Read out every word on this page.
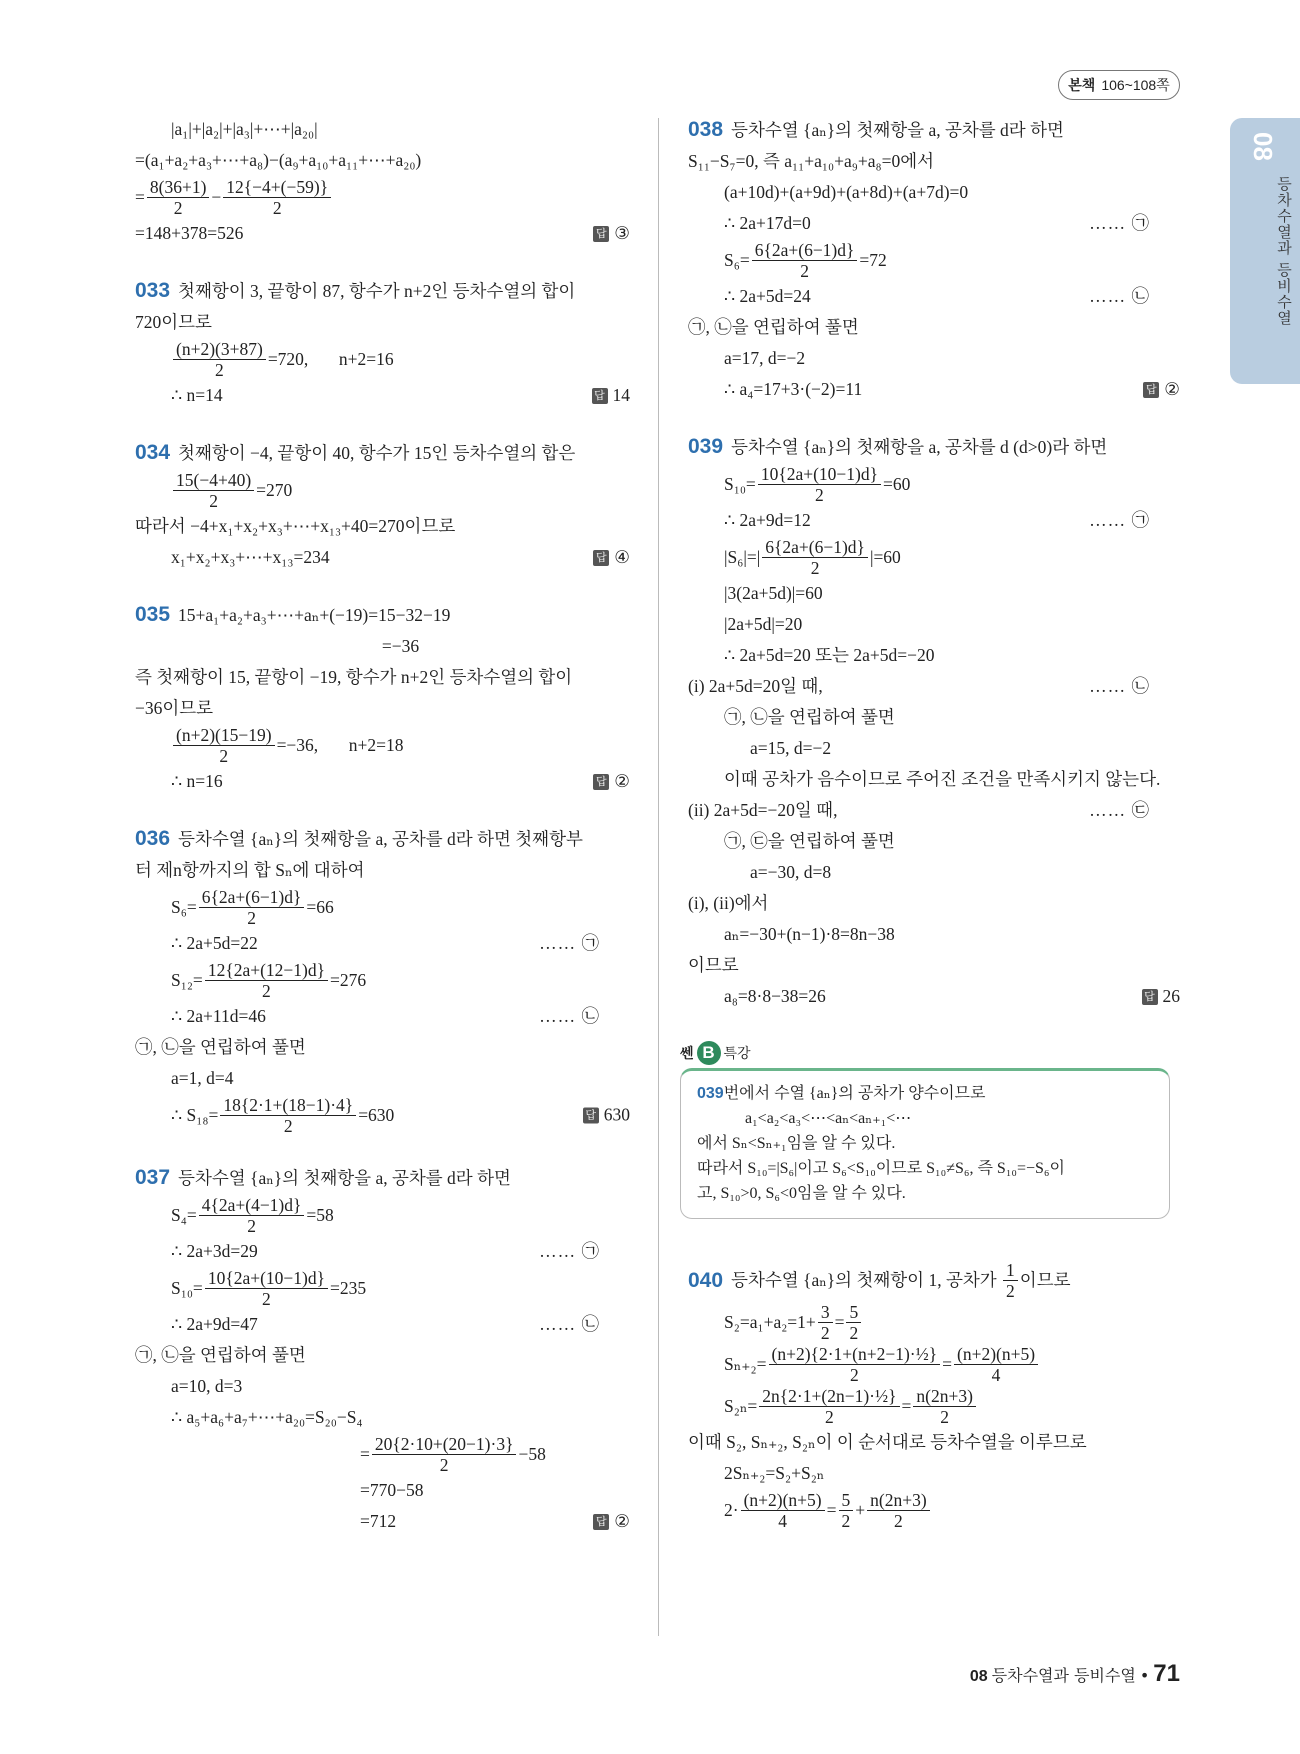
본책 106~108쪽
08
등차수열과 등비수열
|a₁|+|a₂|+|a₃|+⋯+|a₂₀|
=(a₁+a₂+a₃+⋯+a₈)−(a₉+a₁₀+a₁₁+⋯+a₂₀)
= $\frac{8(36+1)}{2} - \frac{12\{-4+(-59)\}}{2}$
=148+378=526	답 ③
033 첫째항이 3, 끝항이 87, 항수가 n+2인 등차수열의 합이
720이므로
$\frac{(n+2)(3+87)}{2} =720$,       n+2=16
∴ n=14	답 14
034 첫째항이 −4, 끝항이 40, 항수가 15인 등차수열의 합은
$\frac{15(-4+40)}{2} =270$
따라서 −4+x₁+x₂+x₃+⋯+x₁₃+40=270이므로
x₁+x₂+x₃+⋯+x₁₃=234	답 ④
035 15+a₁+a₂+a₃+⋯+aₙ+(−19)=15−32−19
=−36
즉 첫째항이 15, 끝항이 −19, 항수가 n+2인 등차수열의 합이
−36이므로
$\frac{(n+2)(15-19)}{2} =-36$,       n+2=18
∴ n=16	답 ②
036 등차수열 {aₙ}의 첫째항을 a, 공차를 d라 하면 첫째항부
터 제n항까지의 합 Sₙ에 대하여
$S_6= \frac{6\{2a+(6-1)d\}}{2} =66$
∴ 2a+5d=22	…… ㉠
$S_{12}= \frac{12\{2a+(12-1)d\}}{2} =276$
∴ 2a+11d=46	…… ㉡
㉠, ㉡을 연립하여 풀면
a=1, d=4
∴ $S_{18}= \frac{18\{2\cdot 1+(18-1)\cdot 4\}}{2} =630$	답 630
037 등차수열 {aₙ}의 첫째항을 a, 공차를 d라 하면
$S_4= \frac{4\{2a+(4-1)d\}}{2} =58$
∴ 2a+3d=29	…… ㉠
$S_{10}= \frac{10\{2a+(10-1)d\}}{2} =235$
∴ 2a+9d=47	…… ㉡
㉠, ㉡을 연립하여 풀면
a=10, d=3
∴ a₅+a₆+a₇+⋯+a₂₀=S₂₀−S₄
= $\frac{20\{2\cdot 10+(20-1)\cdot 3\}}{2} -58$
=770−58
=712	답 ②
038 등차수열 {aₙ}의 첫째항을 a, 공차를 d라 하면
S₁₁−S₇=0, 즉 a₁₁+a₁₀+a₉+a₈=0에서
(a+10d)+(a+9d)+(a+8d)+(a+7d)=0
∴ 2a+17d=0	…… ㉠
$S_6= \frac{6\{2a+(6-1)d\}}{2} =72$
∴ 2a+5d=24	…… ㉡
㉠, ㉡을 연립하여 풀면
a=17, d=−2
∴ a₄=17+3·(−2)=11	답 ②
039 등차수열 {aₙ}의 첫째항을 a, 공차를 d (d>0)라 하면
$S_{10}= \frac{10\{2a+(10-1)d\}}{2} =60$
∴ 2a+9d=12	…… ㉠
$|S_6|=| \frac{6\{2a+(6-1)d\}}{2} |=60$
|3(2a+5d)|=60
|2a+5d|=20
∴ 2a+5d=20 또는 2a+5d=−20
(i) 2a+5d=20일 때,	…… ㉡
㉠, ㉡을 연립하여 풀면
a=15, d=−2
이때 공차가 음수이므로 주어진 조건을 만족시키지 않는다.
(ii) 2a+5d=−20일 때,	…… ㉢
㉠, ㉢을 연립하여 풀면
a=−30, d=8
(i), (ii)에서
aₙ=−30+(n−1)·8=8n−38
이므로
a₈=8·8−38=26	답 26
쎈 B 특강
039번에서 수열 {aₙ}의 공차가 양수이므로
a₁<a₂<a₃<⋯<aₙ<aₙ₊₁<⋯
에서 Sₙ<Sₙ₊₁임을 알 수 있다.
따라서 S₁₀=|S₆|이고 S₆<S₁₀이므로 S₁₀≠S₆, 즉 S₁₀=−S₆이
고, S₁₀>0, S₆<0임을 알 수 있다.
040 등차수열 {aₙ}의 첫째항이 1, 공차가 $\frac{1}{2}$ 이므로
$S_2=a_1+a_2=1+ \frac{3}{2} = \frac{5}{2}$
$S_{n+2}= \frac{\text{(n+2)\{2·1+(n+2−1)·½\}}}{2} = \frac{(n+2)(n+5)}{4}$
$S_{2n}= \frac{\text{2n\{2·1+(2n−1)·½\}}}{2} = \frac{n(2n+3)}{2}$
이때 S₂, Sₙ₊₂, S₂ₙ이 이 순서대로 등차수열을 이루므로
2Sₙ₊₂=S₂+S₂ₙ
$2\cdot \frac{(n+2)(n+5)}{4} = \frac{5}{2} + \frac{n(2n+3)}{2}$
08 등차수열과 등비수열 • 71
